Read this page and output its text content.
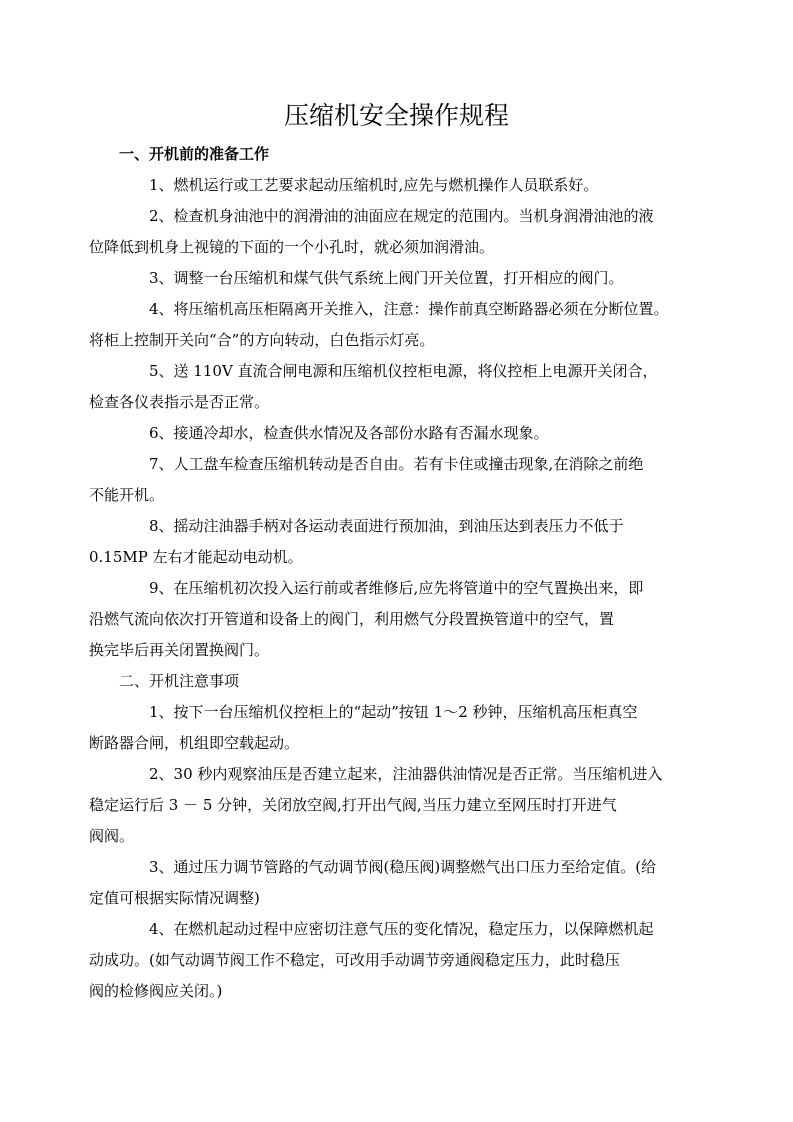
压缩机安全操作规程
一、开机前的准备工作

1、燃机运行或工艺要求起动压缩机时,应先与燃机操作人员联系好。

2、检查机身油池中的润滑油的油面应在规定的范围内。当机身润滑油池的液
位降低到机身上视镜的下面的一个小孔时，就必须加润滑油。

3、调整一台压缩机和煤气供气系统上阀门开关位置，打开相应的阀门。

4、将压缩机高压柜隔离开关推入，注意：操作前真空断路器必须在分断位置。
将柜上控制开关向“合”的方向转动，白色指示灯亮。

5、送 110V 直流合闸电源和压缩机仪控柜电源，将仪控柜上电源开关闭合，
检查各仪表指示是否正常。

6、接通冷却水，检查供水情况及各部份水路有否漏水现象。

7、人工盘车检查压缩机转动是否自由。若有卡住或撞击现象,在消除之前绝
不能开机。

8、摇动注油器手柄对各运动表面进行预加油，到油压达到表压力不低于
0.15MP 左右才能起动电动机。

9、在压缩机初次投入运行前或者维修后,应先将管道中的空气置换出来，即
沿燃气流向依次打开管道和设备上的阀门，利用燃气分段置换管道中的空气，置
换完毕后再关闭置换阀门。

二、开机注意事项

1、按下一台压缩机仪控柜上的“起动”按钮 1～2 秒钟，压缩机高压柜真空
断路器合闸，机组即空载起动。

2、30 秒内观察油压是否建立起来，注油器供油情况是否正常。当压缩机进入
稳定运行后 3 － 5 分钟，关闭放空阀,打开出气阀,当压力建立至网压时打开进气
阀阀。

3、通过压力调节管路的气动调节阀(稳压阀)调整燃气出口压力至给定值。(给
定值可根据实际情况调整)

4、在燃机起动过程中应密切注意气压的变化情况，稳定压力，以保障燃机起
动成功。(如气动调节阀工作不稳定，可改用手动调节旁通阀稳定压力，此时稳压
阀的检修阀应关闭。)
